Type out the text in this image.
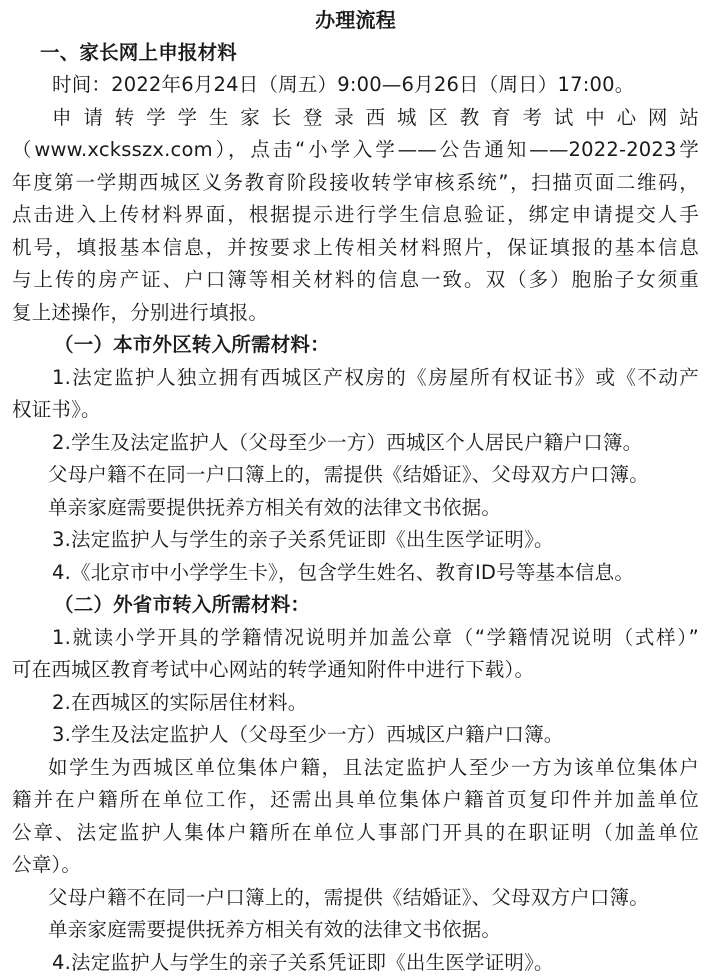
办理流程
一、家长网上申报材料
时间：2022年6月24日（周五）9:00—6月26日（周日）17:00。
申请转学学生家长登录西城区教育考试中心网站
（www.xcksszx.com），点击“小学入学——公告通知——2022-2023学
年度第一学期西城区义务教育阶段接收转学审核系统”，扫描页面二维码，
点击进入上传材料界面，根据提示进行学生信息验证，绑定申请提交人手
机号，填报基本信息，并按要求上传相关材料照片，保证填报的基本信息
与上传的房产证、户口簿等相关材料的信息一致。双（多）胞胎子女须重
复上述操作，分别进行填报。
（一）本市外区转入所需材料：
1.法定监护人独立拥有西城区产权房的《房屋所有权证书》或《不动产
权证书》。
2.学生及法定监护人（父母至少一方）西城区个人居民户籍户口簿。
父母户籍不在同一户口簿上的，需提供《结婚证》、父母双方户口簿。
单亲家庭需要提供抚养方相关有效的法律文书依据。
3.法定监护人与学生的亲子关系凭证即《出生医学证明》。
4.《北京市中小学学生卡》，包含学生姓名、教育ID号等基本信息。
（二）外省市转入所需材料：
1.就读小学开具的学籍情况说明并加盖公章（“学籍情况说明（式样）”
可在西城区教育考试中心网站的转学通知附件中进行下载）。
2.在西城区的实际居住材料。
3.学生及法定监护人（父母至少一方）西城区户籍户口簿。
如学生为西城区单位集体户籍，且法定监护人至少一方为该单位集体户
籍并在户籍所在单位工作，还需出具单位集体户籍首页复印件并加盖单位
公章、法定监护人集体户籍所在单位人事部门开具的在职证明（加盖单位
公章）。
父母户籍不在同一户口簿上的，需提供《结婚证》、父母双方户口簿。
单亲家庭需要提供抚养方相关有效的法律文书依据。
4.法定监护人与学生的亲子关系凭证即《出生医学证明》。
